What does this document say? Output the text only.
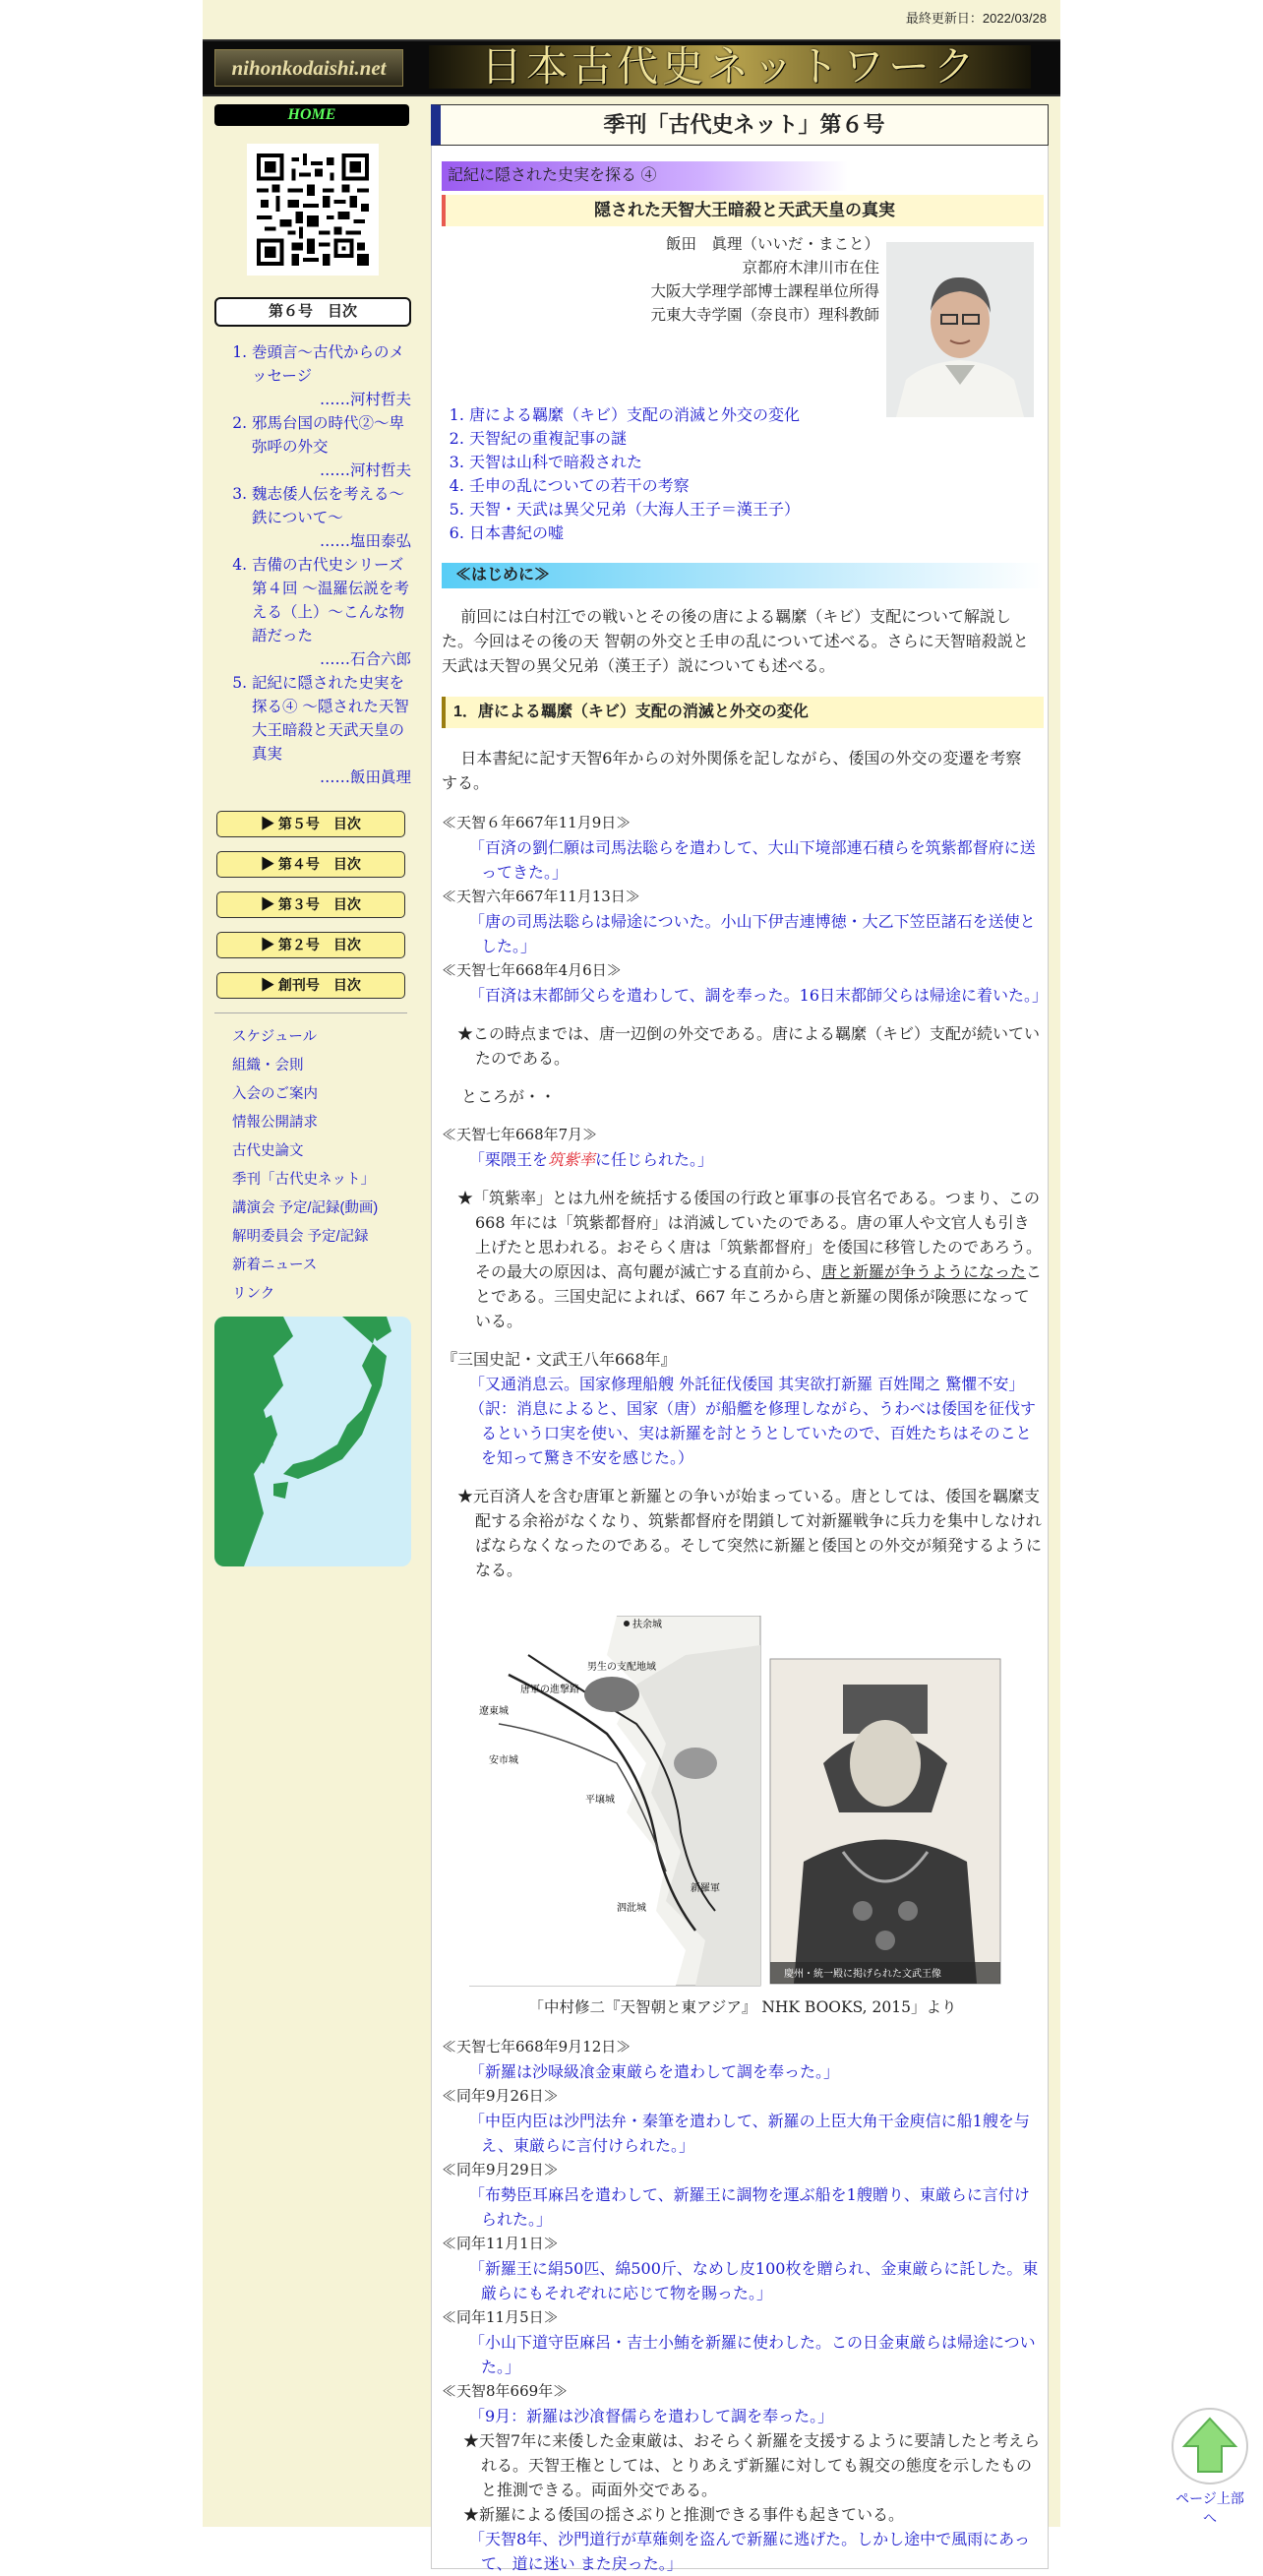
最終更新日：2022/03/28
nihonkodaishi.net	日本古代史ネットワーク
HOME
第６号　目次
1. 巻頭言～古代からのメッセージ
……河村哲夫
2. 邪馬台国の時代②～卑弥呼の外交
……河村哲夫
3. 魏志倭人伝を考える～鉄について～
……塩田泰弘
4. 吉備の古代史シリーズ第４回 ～温羅伝説を考える（上）～こんな物語だった
……石合六郎
5. 記紀に隠された史実を探る④ ～隠された天智大王暗殺と天武天皇の真実
……飯田眞理
▶ 第５号　目次
▶ 第４号　目次
▶ 第３号　目次
▶ 第２号　目次
▶ 創刊号　目次
スケジュール
組織・会則
入会のご案内
情報公開請求
古代史論文
季刊「古代史ネット」
講演会 予定/記録(動画)
解明委員会 予定/記録
新着ニュース
リンク
季刊「古代史ネット」第６号
記紀に隠された史実を探る ④
隠された天智大王暗殺と天武天皇の真実
飯田　眞理（いいだ・まこと）
京都府木津川市在住
大阪大学理学部博士課程単位所得
元東大寺学園（奈良市）理科教師
1. 唐による羈縻（キビ）支配の消滅と外交の変化
2. 天智紀の重複記事の謎
3. 天智は山科で暗殺された
4. 壬申の乱についての若干の考察
5. 天智・天武は異父兄弟（大海人王子＝漢王子）
6. 日本書紀の嘘
≪はじめに≫
前回には白村江での戦いとその後の唐による羈縻（キビ）支配について解説した。今回はその後の天 智朝の外交と壬申の乱について述べる。さらに天智暗殺説と天武は天智の異父兄弟（漢王子）説についても述べる。
1．唐による羈縻（キビ）支配の消滅と外交の変化
日本書紀に記す天智6年からの対外関係を記しながら、倭国の外交の変遷を考察する。
≪天智６年667年11月9日≫
「百済の劉仁願は司馬法聡らを遣わして、大山下境部連石積らを筑紫都督府に送ってきた。」
≪天智六年667年11月13日≫
「唐の司馬法聡らは帰途についた。小山下伊吉連博徳・大乙下笠臣諸石を送使とした。」
≪天智七年668年4月6日≫
「百済は末都師父らを遣わして、調を奉った。16日末都師父らは帰途に着いた。」
★この時点までは、唐一辺倒の外交である。唐による羈縻（キビ）支配が続いていたのである。
ところが・・
≪天智七年668年7月≫
「栗隈王を筑紫率に任じられた。」
★「筑紫率」とは九州を統括する倭国の行政と軍事の長官名である。つまり、この 668 年には「筑紫都督府」は消滅していたのである。唐の軍人や文官人も引き上げたと思われる。おそらく唐は「筑紫都督府」を倭国に移管したのであろう。その最大の原因は、高句麗が滅亡する直前から、唐と新羅が争うようになったことである。三国史記によれば、667 年ころから唐と新羅の関係が険悪になっている。
『三国史記・文武王八年668年』
「又通消息云。国家修理船艘 外託征伐倭国 其実欲打新羅 百姓聞之 驚懼不安」
（訳：消息によると、国家（唐）が船艦を修理しながら、うわべは倭国を征伐するという口実を使い、実は新羅を討とうとしていたので、百姓たちはそのことを知って驚き不安を感じた。）
★元百済人を含む唐軍と新羅との争いが始まっている。唐としては、倭国を羈縻支配する余裕がなくなり、筑紫都督府を閉鎖して対新羅戦争に兵力を集中しなければならなくなったのである。そして突然に新羅と倭国との外交が頻発するようになる。
扶余城
唐軍の進撃路
男生の支配地域
新羅軍
平壌城
泗沘城
安市城
遼東城
慶州・統一殿に掲げられた文武王像
「中村修二『天智朝と東アジア』 NHK BOOKS, 2015」より
≪天智七年668年9月12日≫
「新羅は沙㖨級飡金東厳らを遣わして調を奉った。」
≪同年9月26日≫
「中臣内臣は沙門法弁・秦筆を遣わして、新羅の上臣大角干金庾信に船1艘を与え、東厳らに言付けられた。」
≪同年9月29日≫
「布勢臣耳麻呂を遣わして、新羅王に調物を運ぶ船を1艘贈り、東厳らに言付けられた。」
≪同年11月1日≫
「新羅王に絹50匹、綿500斤、なめし皮100枚を贈られ、金東厳らに託した。東厳らにもそれぞれに応じて物を賜った。」
≪同年11月5日≫
「小山下道守臣麻呂・吉士小鮪を新羅に使わした。この日金東厳らは帰途についた。」
≪天智8年669年≫
「9月：新羅は沙飡督儒らを遣わして調を奉った。」
★天智7年に来倭した金東厳は、おそらく新羅を支援するように要請したと考えられる。天智王権としては、とりあえず新羅に対しても親交の態度を示したものと推測できる。両面外交である。
★新羅による倭国の揺さぶりと推測できる事件も起きている。
「天智8年、沙門道行が草薙剣を盗んで新羅に逃げた。しかし途中で風雨にあって、道に迷い また戻った。」
ページ上部へ
